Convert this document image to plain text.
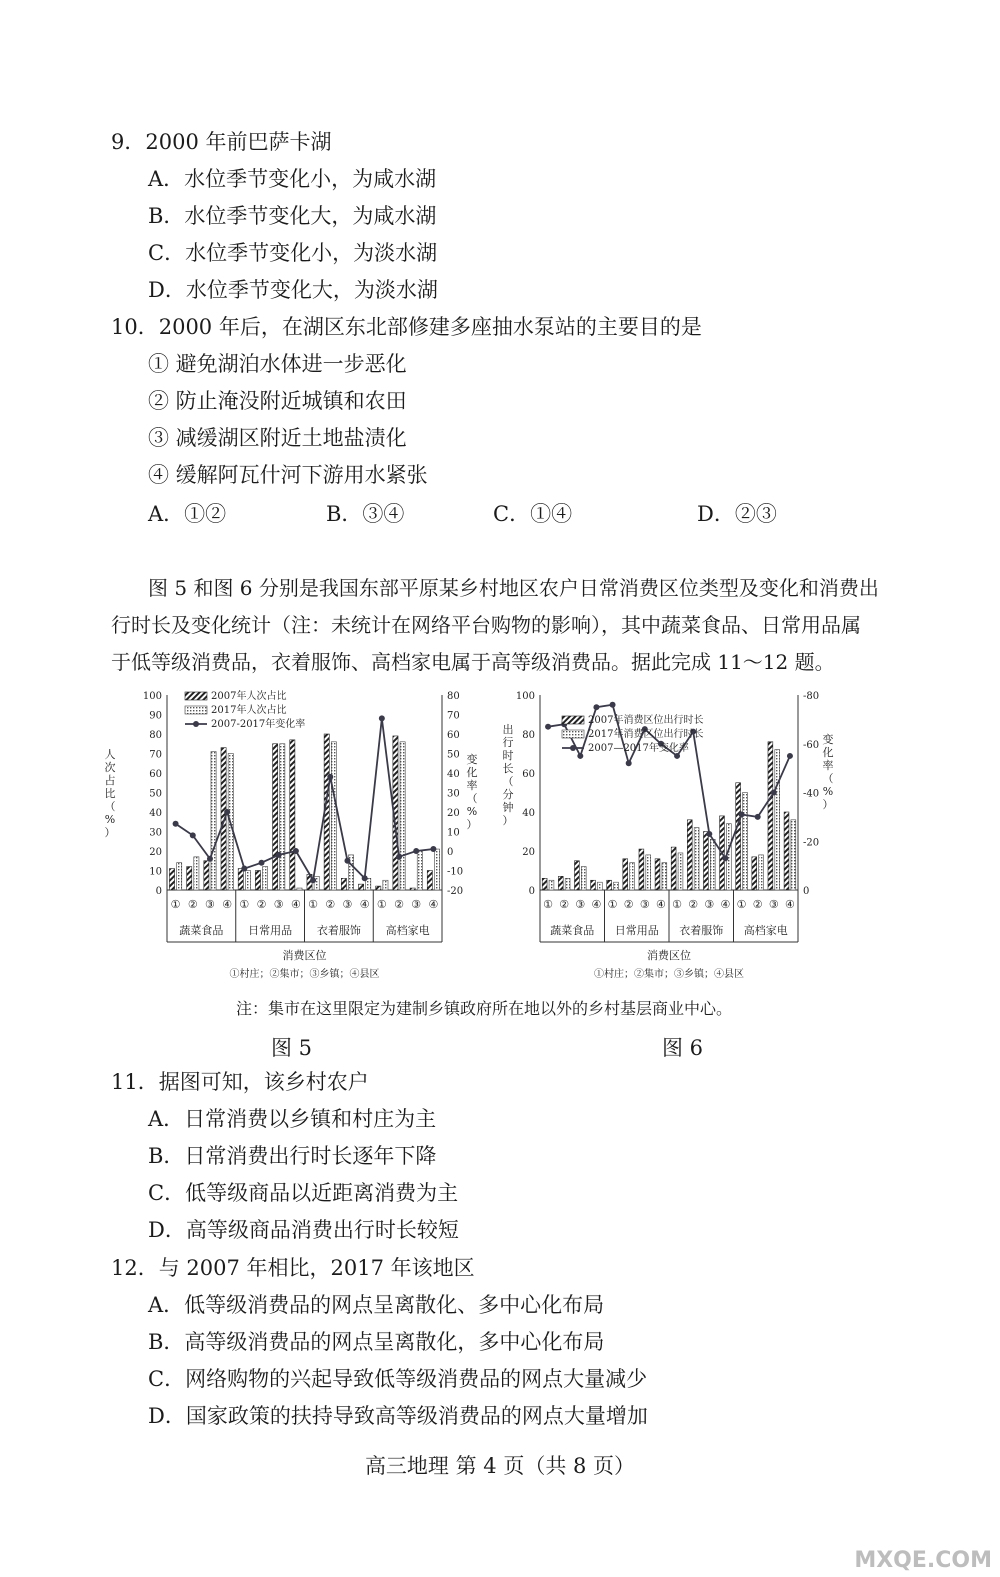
9．2000 年前巴萨卡湖
A．水位季节变化小，为咸水湖
B．水位季节变化大，为咸水湖
C．水位季节变化小，为淡水湖
D．水位季节变化大，为淡水湖
10．2000 年后，在湖区东北部修建多座抽水泵站的主要目的是
① 避免湖泊水体进一步恶化
② 防止淹没附近城镇和农田
③ 减缓湖区附近土地盐渍化
④ 缓解阿瓦什河下游用水紧张
A．①②	B．③④	C．①④	D．②③
图 5 和图 6 分别是我国东部平原某乡村地区农户日常消费区位类型及变化和消费出
行时长及变化统计（注：未统计在网络平台购物的影响），其中蔬菜食品、日常用品属
于低等级消费品，衣着服饰、高档家电属于高等级消费品。据此完成 11～12 题。
100
90
80
70
60
50
40
30
20
10
0
80
70
60
50
40
30
20
10
0
-10
-20
① ② ③ ④ ① ② ③ ④ ① ② ③ ④ ① ② ③ ④
蔬菜食品 日常用品 衣着服饰 高档家电
消费区位
①村庄；②集市；③乡镇；④县区
2007年人次占比
2017年人次占比
2007-2017年变化率
人
次
占
比
（
%
）
变
化
率
（
%
）
100
80
60
40
20
0
-80
-60
-40
-20
0
① ② ③ ④ ① ② ③ ④ ① ② ③ ④ ① ② ③ ④
蔬菜食品 日常用品 衣着服饰 高档家电
消费区位
①村庄；②集市；③乡镇；④县区
2007年消费区位出行时长
2017年消费区位出行时长
2007—2017年变化率
出
行
时
长
（
分
钟
）
变
化
率
（
%
）
注：集市在这里限定为建制乡镇政府所在地以外的乡村基层商业中心。
图 5	图 6
11．据图可知，该乡村农户
A．日常消费以乡镇和村庄为主
B．日常消费出行时长逐年下降
C．低等级商品以近距离消费为主
D．高等级商品消费出行时长较短
12．与 2007 年相比，2017 年该地区
A．低等级消费品的网点呈离散化、多中心化布局
B．高等级消费品的网点呈离散化，多中心化布局
C．网络购物的兴起导致低等级消费品的网点大量减少
D．国家政策的扶持导致高等级消费品的网点大量增加
高三地理 第 4 页（共 8 页）
MXQE.COM
